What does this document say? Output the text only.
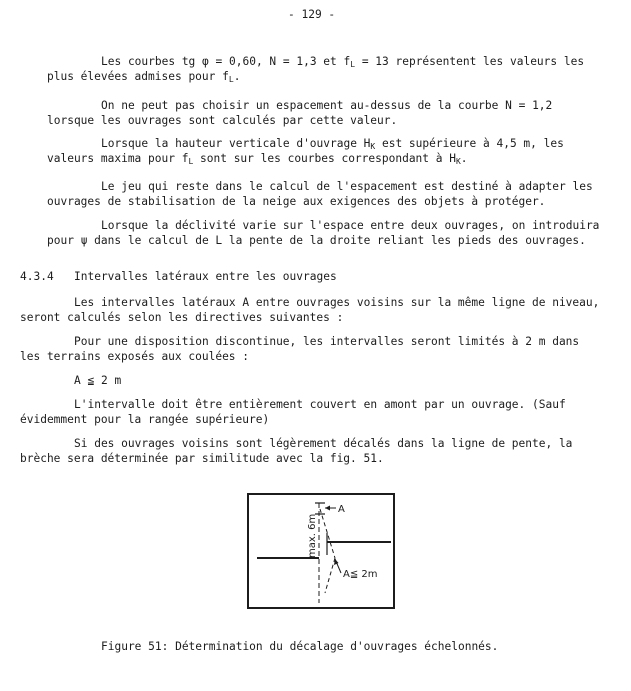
- 129 -
Les courbes tg φ = 0,60, N = 1,3 et $f_L = 13$ représentent les valeurs les
plus élevées admises pour $f_L$.
On ne peut pas choisir un espacement au-dessus de la courbe N = 1,2
lorsque les ouvrages sont calculés par cette valeur.
Lorsque la hauteur verticale d'ouvrage $H_K$ est supérieure à 4,5 m, les
valeurs maxima pour $f_L$ sont sur les courbes correspondant à $H_K$.
Le jeu qui reste dans le calcul de l'espacement est destiné à adapter les
ouvrages de stabilisation de la neige aux exigences des objets à protéger.
Lorsque la déclivité varie sur l'espace entre deux ouvrages, on introduira
pour ψ dans le calcul de L la pente de la droite reliant les pieds des ouvrages.
4.3.4 Intervalles latéraux entre les ouvrages
Les intervalles latéraux A entre ouvrages voisins sur la même ligne de niveau,
seront calculés selon les directives suivantes :
Pour une disposition discontinue, les intervalles seront limités à 2 m dans
les terrains exposés aux coulées :
A ≦ 2 m
L'intervalle doit être entièrement couvert en amont par un ouvrage. (Sauf
évidemment pour la rangée supérieure)
Si des ouvrages voisins sont légèrement décalés dans la ligne de pente, la
brèche sera déterminée par similitude avec la fig. 51.
A
A≦ 2m
max. 6m
Figure 51: Détermination du décalage d'ouvrages échelonnés.
